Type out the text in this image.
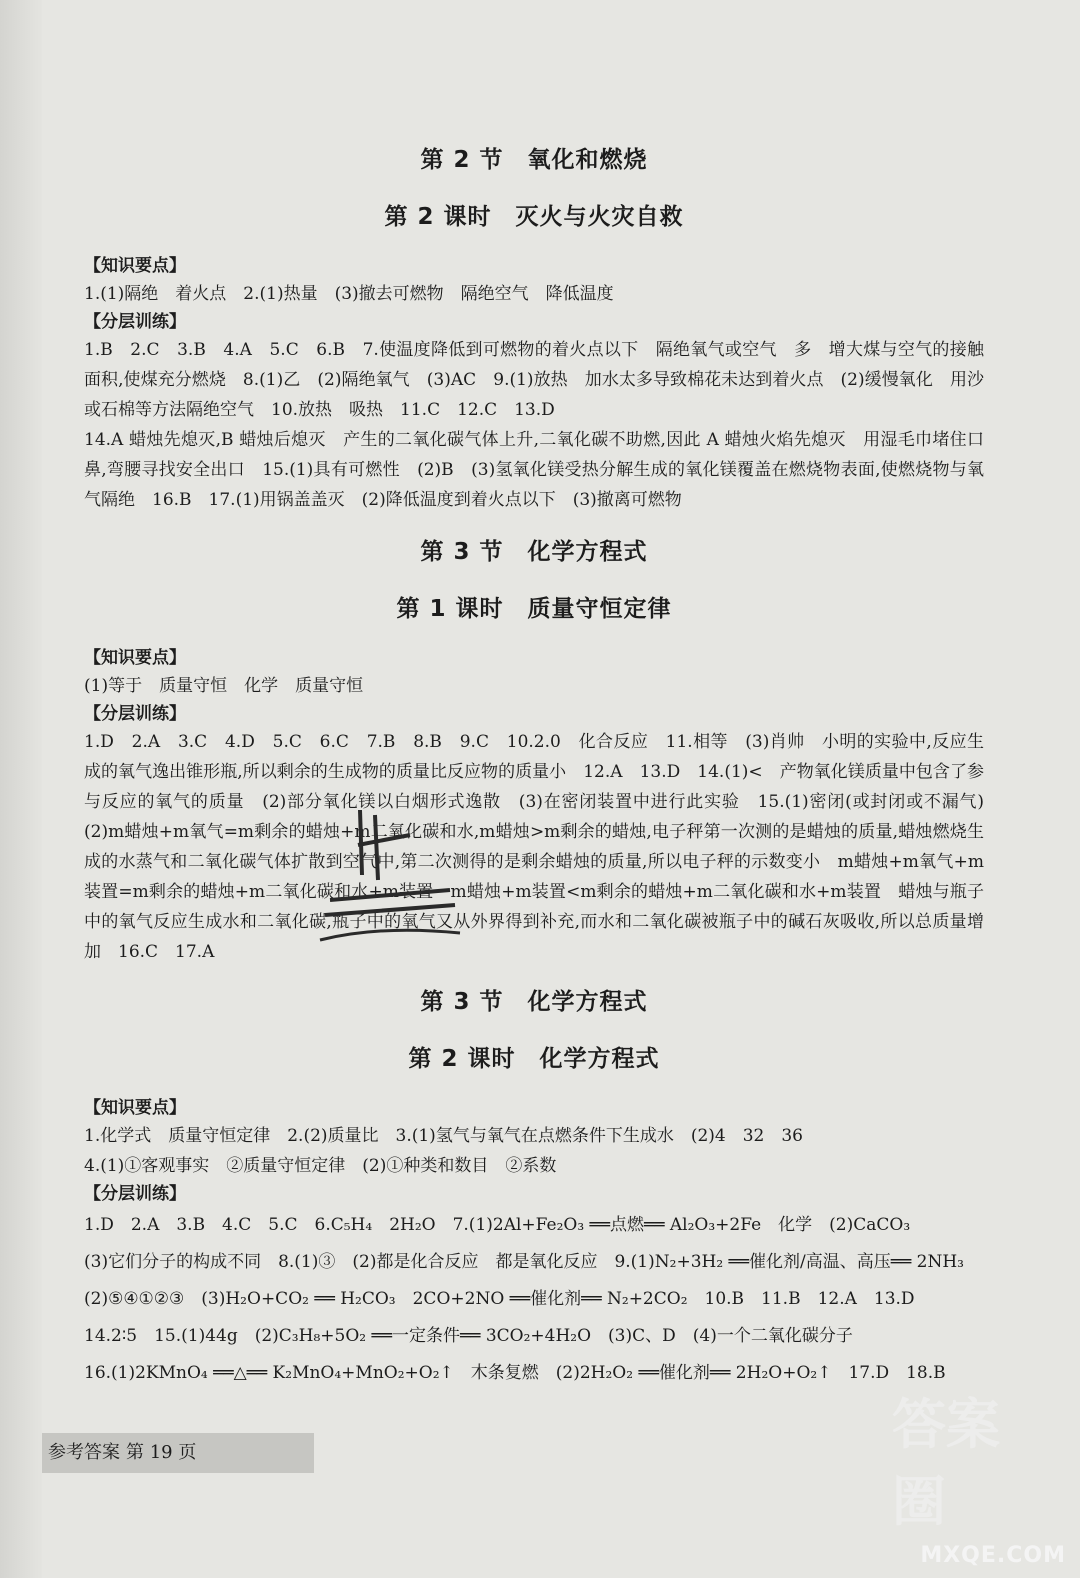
第 2 节　氧化和燃烧
第 2 课时　灭火与火灾自救
【知识要点】

1.(1)隔绝　着火点　2.(1)热量　(3)撤去可燃物　隔绝空气　降低温度

【分层训练】

1.B　2.C　3.B　4.A　5.C　6.B　7.使温度降低到可燃物的着火点以下　隔绝氧气或空气　多　增大煤与空气的接触面积,使煤充分燃烧　8.(1)乙　(2)隔绝氧气　(3)AC　9.(1)放热　加水太多导致棉花未达到着火点　(2)缓慢氧化　用沙或石棉等方法隔绝空气　10.放热　吸热　11.C　12.C　13.D

14.A 蜡烛先熄灭,B 蜡烛后熄灭　产生的二氧化碳气体上升,二氧化碳不助燃,因此 A 蜡烛火焰先熄灭　用湿毛巾堵住口鼻,弯腰寻找安全出口　15.(1)具有可燃性　(2)B　(3)氢氧化镁受热分解生成的氧化镁覆盖在燃烧物表面,使燃烧物与氧气隔绝　16.B　17.(1)用锅盖盖灭　(2)降低温度到着火点以下　(3)撤离可燃物

第 3 节　化学方程式
第 1 课时　质量守恒定律
【知识要点】

(1)等于　质量守恒　化学　质量守恒

【分层训练】

1.D　2.A　3.C　4.D　5.C　6.C　7.B　8.B　9.C　10.2.0　化合反应　11.相等　(3)肖帅　小明的实验中,反应生成的氧气逸出锥形瓶,所以剩余的生成物的质量比反应物的质量小　12.A　13.D　14.(1)<　产物氧化镁质量中包含了参与反应的氧气的质量　(2)部分氧化镁以白烟形式逸散　(3)在密闭装置中进行此实验　15.(1)密闭(或封闭或不漏气)　(2)m蜡烛+m氧气=m剩余的蜡烛+m二氧化碳和水,m蜡烛>m剩余的蜡烛,电子秤第一次测的是蜡烛的质量,蜡烛燃烧生成的水蒸气和二氧化碳气体扩散到空气中,第二次测得的是剩余蜡烛的质量,所以电子秤的示数变小　m蜡烛+m氧气+m装置=m剩余的蜡烛+m二氧化碳和水+m装置　m蜡烛+m装置<m剩余的蜡烛+m二氧化碳和水+m装置　蜡烛与瓶子中的氧气反应生成水和二氧化碳,瓶子中的氧气又从外界得到补充,而水和二氧化碳被瓶子中的碱石灰吸收,所以总质量增加　16.C　17.A

第 3 节　化学方程式
第 2 课时　化学方程式
【知识要点】

1.化学式　质量守恒定律　2.(2)质量比　3.(1)氢气与氧气在点燃条件下生成水　(2)4　32　36

4.(1)①客观事实　②质量守恒定律　(2)①种类和数目　②系数

【分层训练】

1.D　2.A　3.B　4.C　5.C　6.C₅H₄　2H₂O　7.(1)2Al+Fe₂O₃ ══点燃══ Al₂O₃+2Fe　化学　(2)CaCO₃

(3)它们分子的构成不同　8.(1)③　(2)都是化合反应　都是氧化反应　9.(1)N₂+3H₂ ══催化剂/高温、高压══ 2NH₃

(2)⑤④①②③　(3)H₂O+CO₂ ══ H₂CO₃　2CO+2NO ══催化剂══ N₂+2CO₂　10.B　11.B　12.A　13.D

14.2∶5　15.(1)44g　(2)C₃H₈+5O₂ ══一定条件══ 3CO₂+4H₂O　(3)C、D　(4)一个二氧化碳分子

16.(1)2KMnO₄ ══△══ K₂MnO₄+MnO₂+O₂↑　木条复燃　(2)2H₂O₂ ══催化剂══ 2H₂O+O₂↑　17.D　18.B

参考答案 第 19 页	答案圈
MXQE.COM
